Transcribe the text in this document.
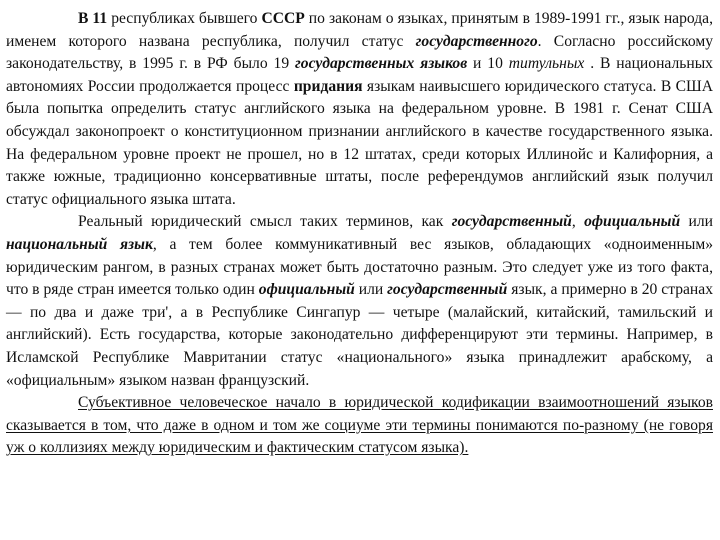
В 11 республиках бывшего СССР по законам о языках, принятым в 1989-1991 гг., язык народа, именем которого названа республика, получил статус государственного. Согласно российскому законодательству, в 1995 г. в РФ было 19 государственных языков и 10 титульных . В национальных автономиях России продолжается процесс придания языкам наивысшего юридического статуса. В США была попытка определить статус английского языка на федеральном уровне. В 1981 г. Сенат США обсуждал законопроект о конституционном признании английского в качестве государственного языка. На федеральном уровне проект не прошел, но в 12 штатах, среди которых Иллинойс и Калифорния, а также южные, традиционно консервативные штаты, после референдумов английский язык получил статус официального языка штата.

Реальный юридический смысл таких терминов, как государственный, официальный или национальный язык, а тем более коммуникативный вес языков, обладающих «одноименным» юридическим рангом, в разных странах может быть достаточно разным. Это следует уже из того факта, что в ряде стран имеется только один официальный или государственный язык, а примерно в 20 странах — по два и даже три', а в Республике Сингапур — четыре (малайский, китайский, тамильский и английский). Есть государства, которые законодательно дифференцируют эти термины. Например, в Исламской Республике Мавритании статус «национального» языка принадлежит арабскому, а «официальным» языком назван французский.

Субъективное человеческое начало в юридической кодификации взаимоотношений языков сказывается в том, что даже в одном и том же социуме эти термины понимаются по-разному (не говоря уж о коллизиях между юридическим и фактическим статусом языка).
